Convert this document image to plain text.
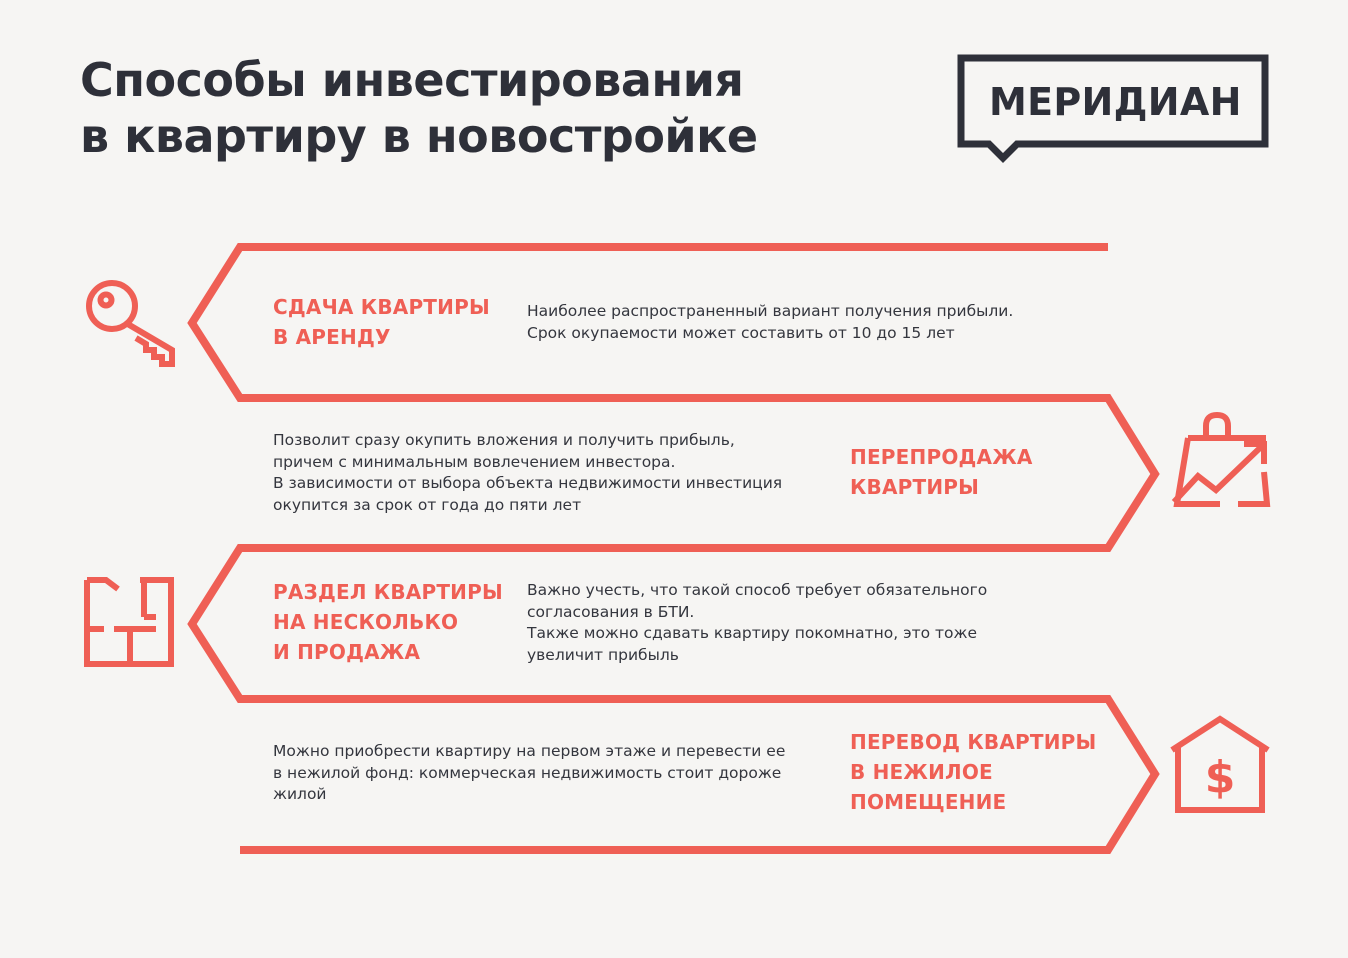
Способы инвестирования
в квартиру в новостройке
МЕРИДИАН
$
СДАЧА КВАРТИРЫ
В АРЕНДУ

Наиболее распространенный вариант получения прибыли.
Срок окупаемости может составить от 10 до 15 лет

Позволит сразу окупить вложения и получить прибыль,
причем с минимальным вовлечением инвестора.
В зависимости от выбора объекта недвижимости инвестиция
окупится за срок от года до пяти лет

ПЕРЕПРОДАЖА
КВАРТИРЫ
РАЗДЕЛ КВАРТИРЫ
НА НЕСКОЛЬКО
И ПРОДАЖА

Важно учесть, что такой способ требует обязательного
согласования в БТИ.
Также можно сдавать квартиру покомнатно, это тоже
увеличит прибыль

Можно приобрести квартиру на первом этаже и перевести ее
в нежилой фонд: коммерческая недвижимость стоит дороже
жилой

ПЕРЕВОД КВАРТИРЫ
В НЕЖИЛОЕ
ПОМЕЩЕНИЕ
